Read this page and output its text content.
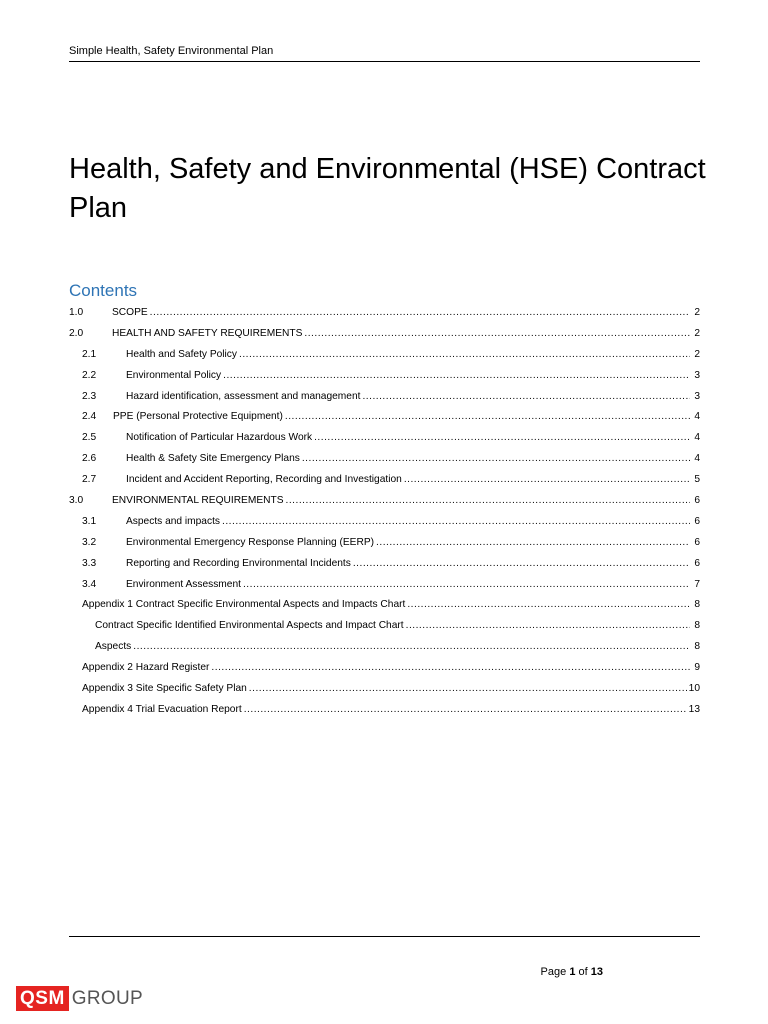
Simple Health, Safety Environmental Plan
Health, Safety and Environmental (HSE) Contract Plan
Contents
1.0	SCOPE .....	2
2.0	HEALTH AND SAFETY REQUIREMENTS .....	2
2.1	Health and Safety Policy .....	2
2.2	Environmental Policy .....	3
2.3	Hazard identification, assessment and management .....	3
2.4	PPE (Personal Protective Equipment) .....	4
2.5	Notification of Particular Hazardous Work .....	4
2.6	Health & Safety Site Emergency Plans .....	4
2.7	Incident and Accident Reporting, Recording and Investigation .....	5
3.0	ENVIRONMENTAL REQUIREMENTS .....	6
3.1	Aspects and impacts .....	6
3.2	Environmental Emergency Response Planning (EERP) .....	6
3.3	Reporting and Recording Environmental Incidents .....	6
3.4	Environment Assessment .....	7
Appendix 1 Contract Specific Environmental Aspects and Impacts Chart .....	8
Contract Specific Identified Environmental Aspects and Impact Chart .....	8
Aspects .....	8
Appendix 2 Hazard Register .....	9
Appendix 3 Site Specific Safety Plan .....	10
Appendix 4 Trial Evacuation Report .....	13
Page 1 of 13
QSM GROUP
